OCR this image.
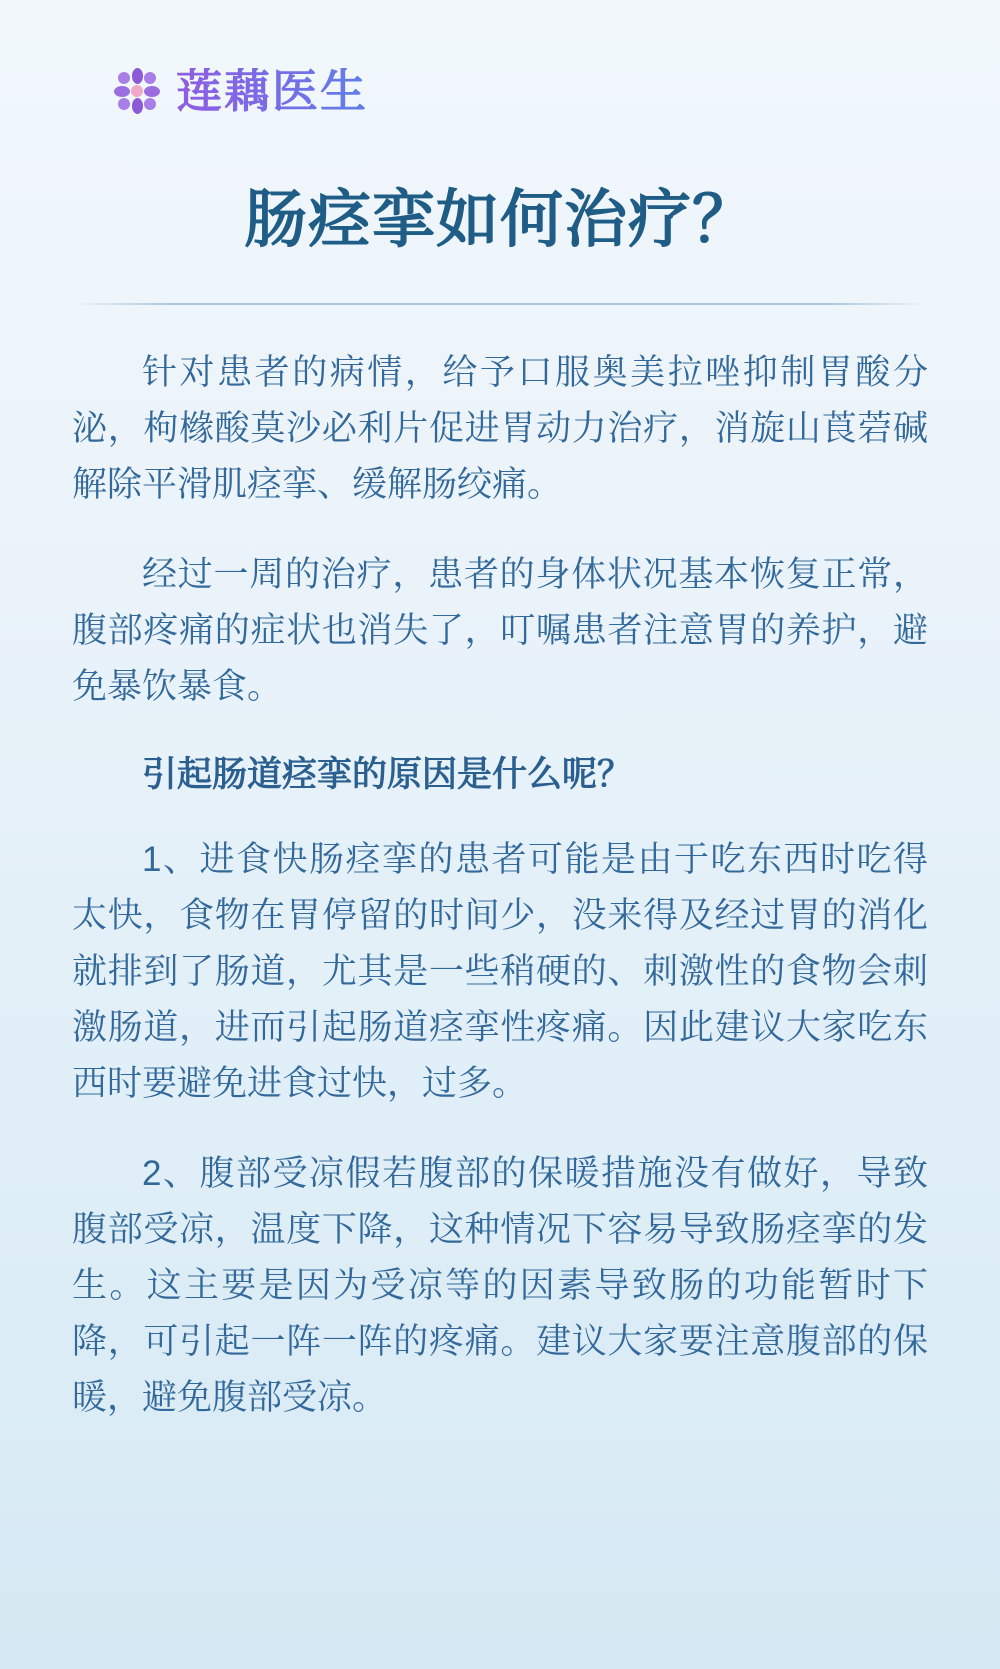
莲藕医生
肠痉挛如何治疗？

针对患者的病情，给予口服奥美拉唑抑制胃酸分泌，枸橼酸莫沙必利片促进胃动力治疗，消旋山莨菪碱解除平滑肌痉挛、缓解肠绞痛。

经过一周的治疗，患者的身体状况基本恢复正常，腹部疼痛的症状也消失了，叮嘱患者注意胃的养护，避免暴饮暴食。

引起肠道痉挛的原因是什么呢？

1、进食快肠痉挛的患者可能是由于吃东西时吃得太快，食物在胃停留的时间少，没来得及经过胃的消化就排到了肠道，尤其是一些稍硬的、刺激性的食物会刺激肠道，进而引起肠道痉挛性疼痛。因此建议大家吃东西时要避免进食过快，过多。

2、腹部受凉假若腹部的保暖措施没有做好，导致腹部受凉，温度下降，这种情况下容易导致肠痉挛的发生。这主要是因为受凉等的因素导致肠的功能暂时下降，可引起一阵一阵的疼痛。建议大家要注意腹部的保暖，避免腹部受凉。
